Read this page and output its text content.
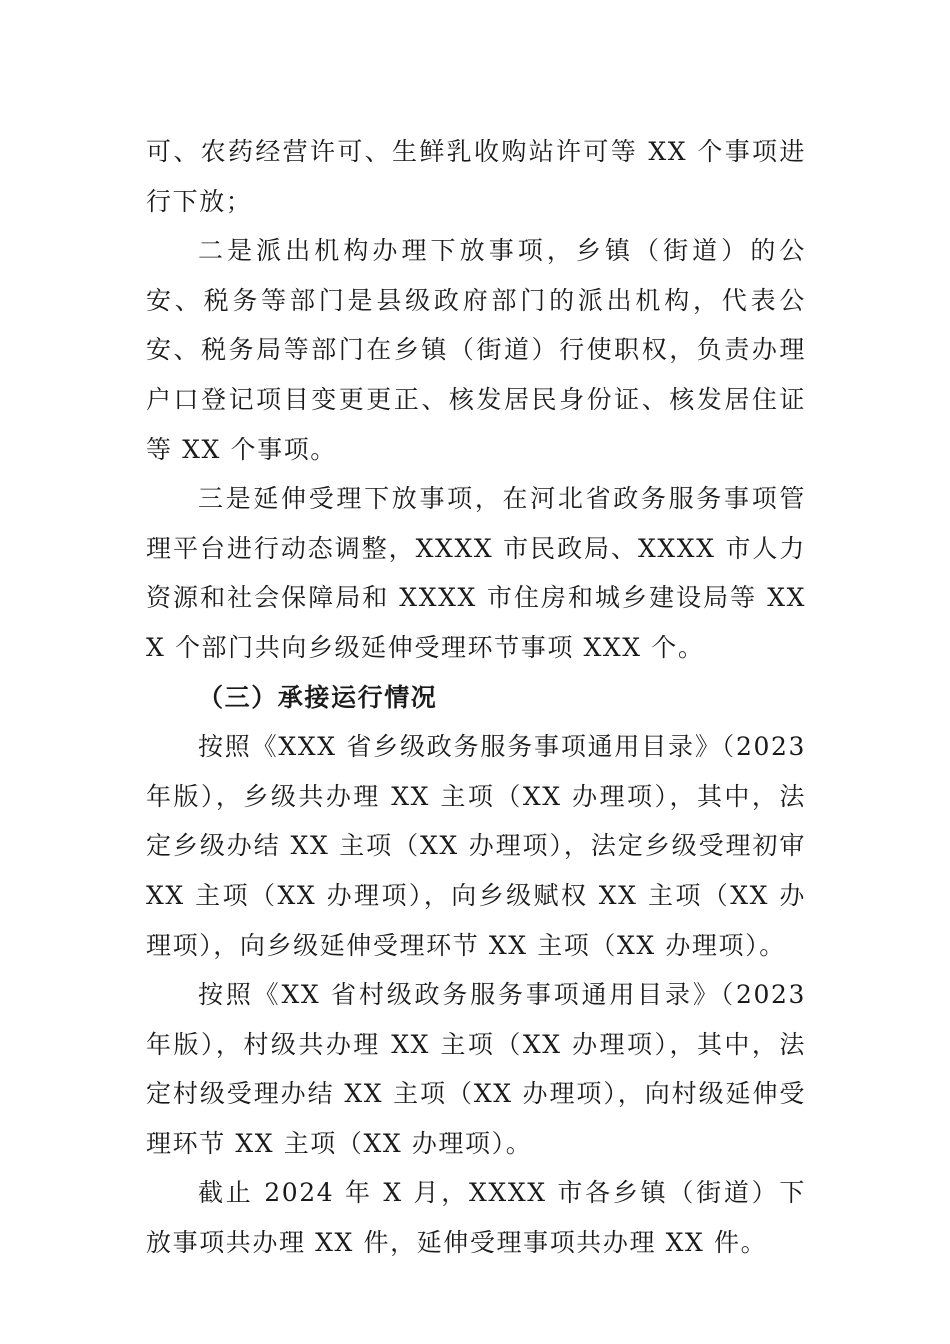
可、农药经营许可、生鲜乳收购站许可等 XX 个事项进行下放；

二是派出机构办理下放事项，乡镇（街道）的公安、税务等部门是县级政府部门的派出机构，代表公安、税务局等部门在乡镇（街道）行使职权，负责办理户口登记项目变更更正、核发居民身份证、核发居住证等 XX 个事项。

三是延伸受理下放事项，在河北省政务服务事项管理平台进行动态调整，XXXX 市民政局、XXXX 市人力资源和社会保障局和 XXXX 市住房和城乡建设局等 XXX 个部门共向乡级延伸受理环节事项 XXX 个。

（三）承接运行情况

按照《XXX 省乡级政务服务事项通用目录》（2023 年版），乡级共办理 XX 主项（XX 办理项），其中，法定乡级办结 XX 主项（XX 办理项），法定乡级受理初审 XX 主项（XX 办理项），向乡级赋权 XX 主项（XX 办理项），向乡级延伸受理环节 XX 主项（XX 办理项）。

按照《XX 省村级政务服务事项通用目录》（2023 年版），村级共办理 XX 主项（XX 办理项），其中，法定村级受理办结 XX 主项（XX 办理项），向村级延伸受理环节 XX 主项（XX 办理项）。

截止 2024 年 X 月，XXXX 市各乡镇（街道）下放事项共办理 XX 件，延伸受理事项共办理 XX 件。
